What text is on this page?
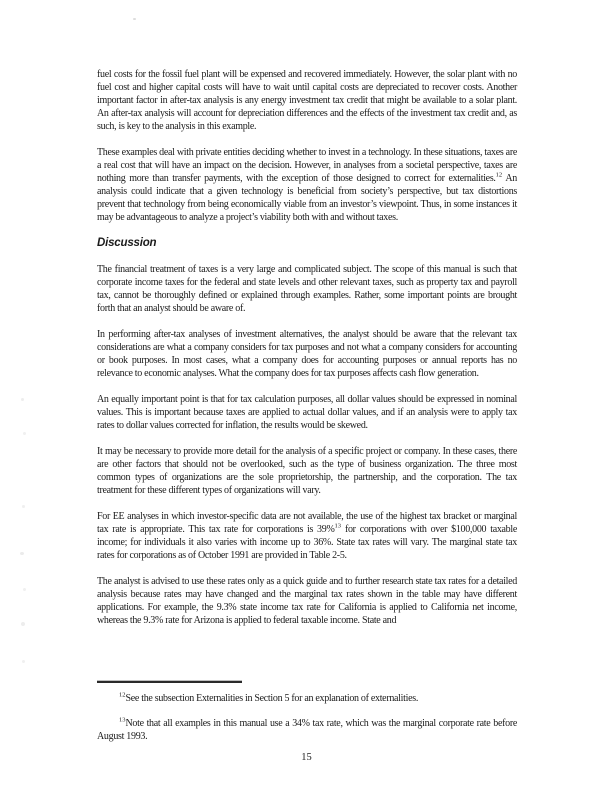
fuel costs for the fossil fuel plant will be expensed and recovered immediately. However, the solar plant with no fuel cost and higher capital costs will have to wait until capital costs are depreciated to recover costs. Another important factor in after-tax analysis is any energy investment tax credit that might be available to a solar plant. An after-tax analysis will account for depreciation differences and the effects of the investment tax credit and, as such, is key to the analysis in this example.

These examples deal with private entities deciding whether to invest in a technology. In these situations, taxes are a real cost that will have an impact on the decision. However, in analyses from a societal perspective, taxes are nothing more than transfer payments, with the exception of those designed to correct for externalities.$^{12}$ An analysis could indicate that a given technology is beneficial from society’s perspective, but tax distortions prevent that technology from being economically viable from an investor’s viewpoint. Thus, in some instances it may be advantageous to analyze a project’s viability both with and without taxes.

Discussion

The financial treatment of taxes is a very large and complicated subject. The scope of this manual is such that corporate income taxes for the federal and state levels and other relevant taxes, such as property tax and payroll tax, cannot be thoroughly defined or explained through examples. Rather, some important points are brought forth that an analyst should be aware of.

In performing after-tax analyses of investment alternatives, the analyst should be aware that the relevant tax considerations are what a company considers for tax purposes and not what a company considers for accounting or book purposes. In most cases, what a company does for accounting purposes or annual reports has no relevance to economic analyses. What the company does for tax purposes affects cash flow generation.

An equally important point is that for tax calculation purposes, all dollar values should be expressed in nominal values. This is important because taxes are applied to actual dollar values, and if an analysis were to apply tax rates to dollar values corrected for inflation, the results would be skewed.

It may be necessary to provide more detail for the analysis of a specific project or company. In these cases, there are other factors that should not be overlooked, such as the type of business organization. The three most common types of organizations are the sole proprietorship, the partnership, and the corporation. The tax treatment for these different types of organizations will vary.

For EE analyses in which investor-specific data are not available, the use of the highest tax bracket or marginal tax rate is appropriate. This tax rate for corporations is 39%$^{13}$ for corporations with over $100,000 taxable income; for individuals it also varies with income up to 36%. State tax rates will vary. The marginal state tax rates for corporations as of October 1991 are provided in Table 2-5.

The analyst is advised to use these rates only as a quick guide and to further research state tax rates for a detailed analysis because rates may have changed and the marginal tax rates shown in the table may have different applications. For example, the 9.3% state income tax rate for California is applied to California net income, whereas the 9.3% rate for Arizona is applied to federal taxable income. State and

$^{12}$See the subsection Externalities in Section 5 for an explanation of externalities.

$^{13}$Note that all examples in this manual use a 34% tax rate, which was the marginal corporate rate before August 1993.

15
